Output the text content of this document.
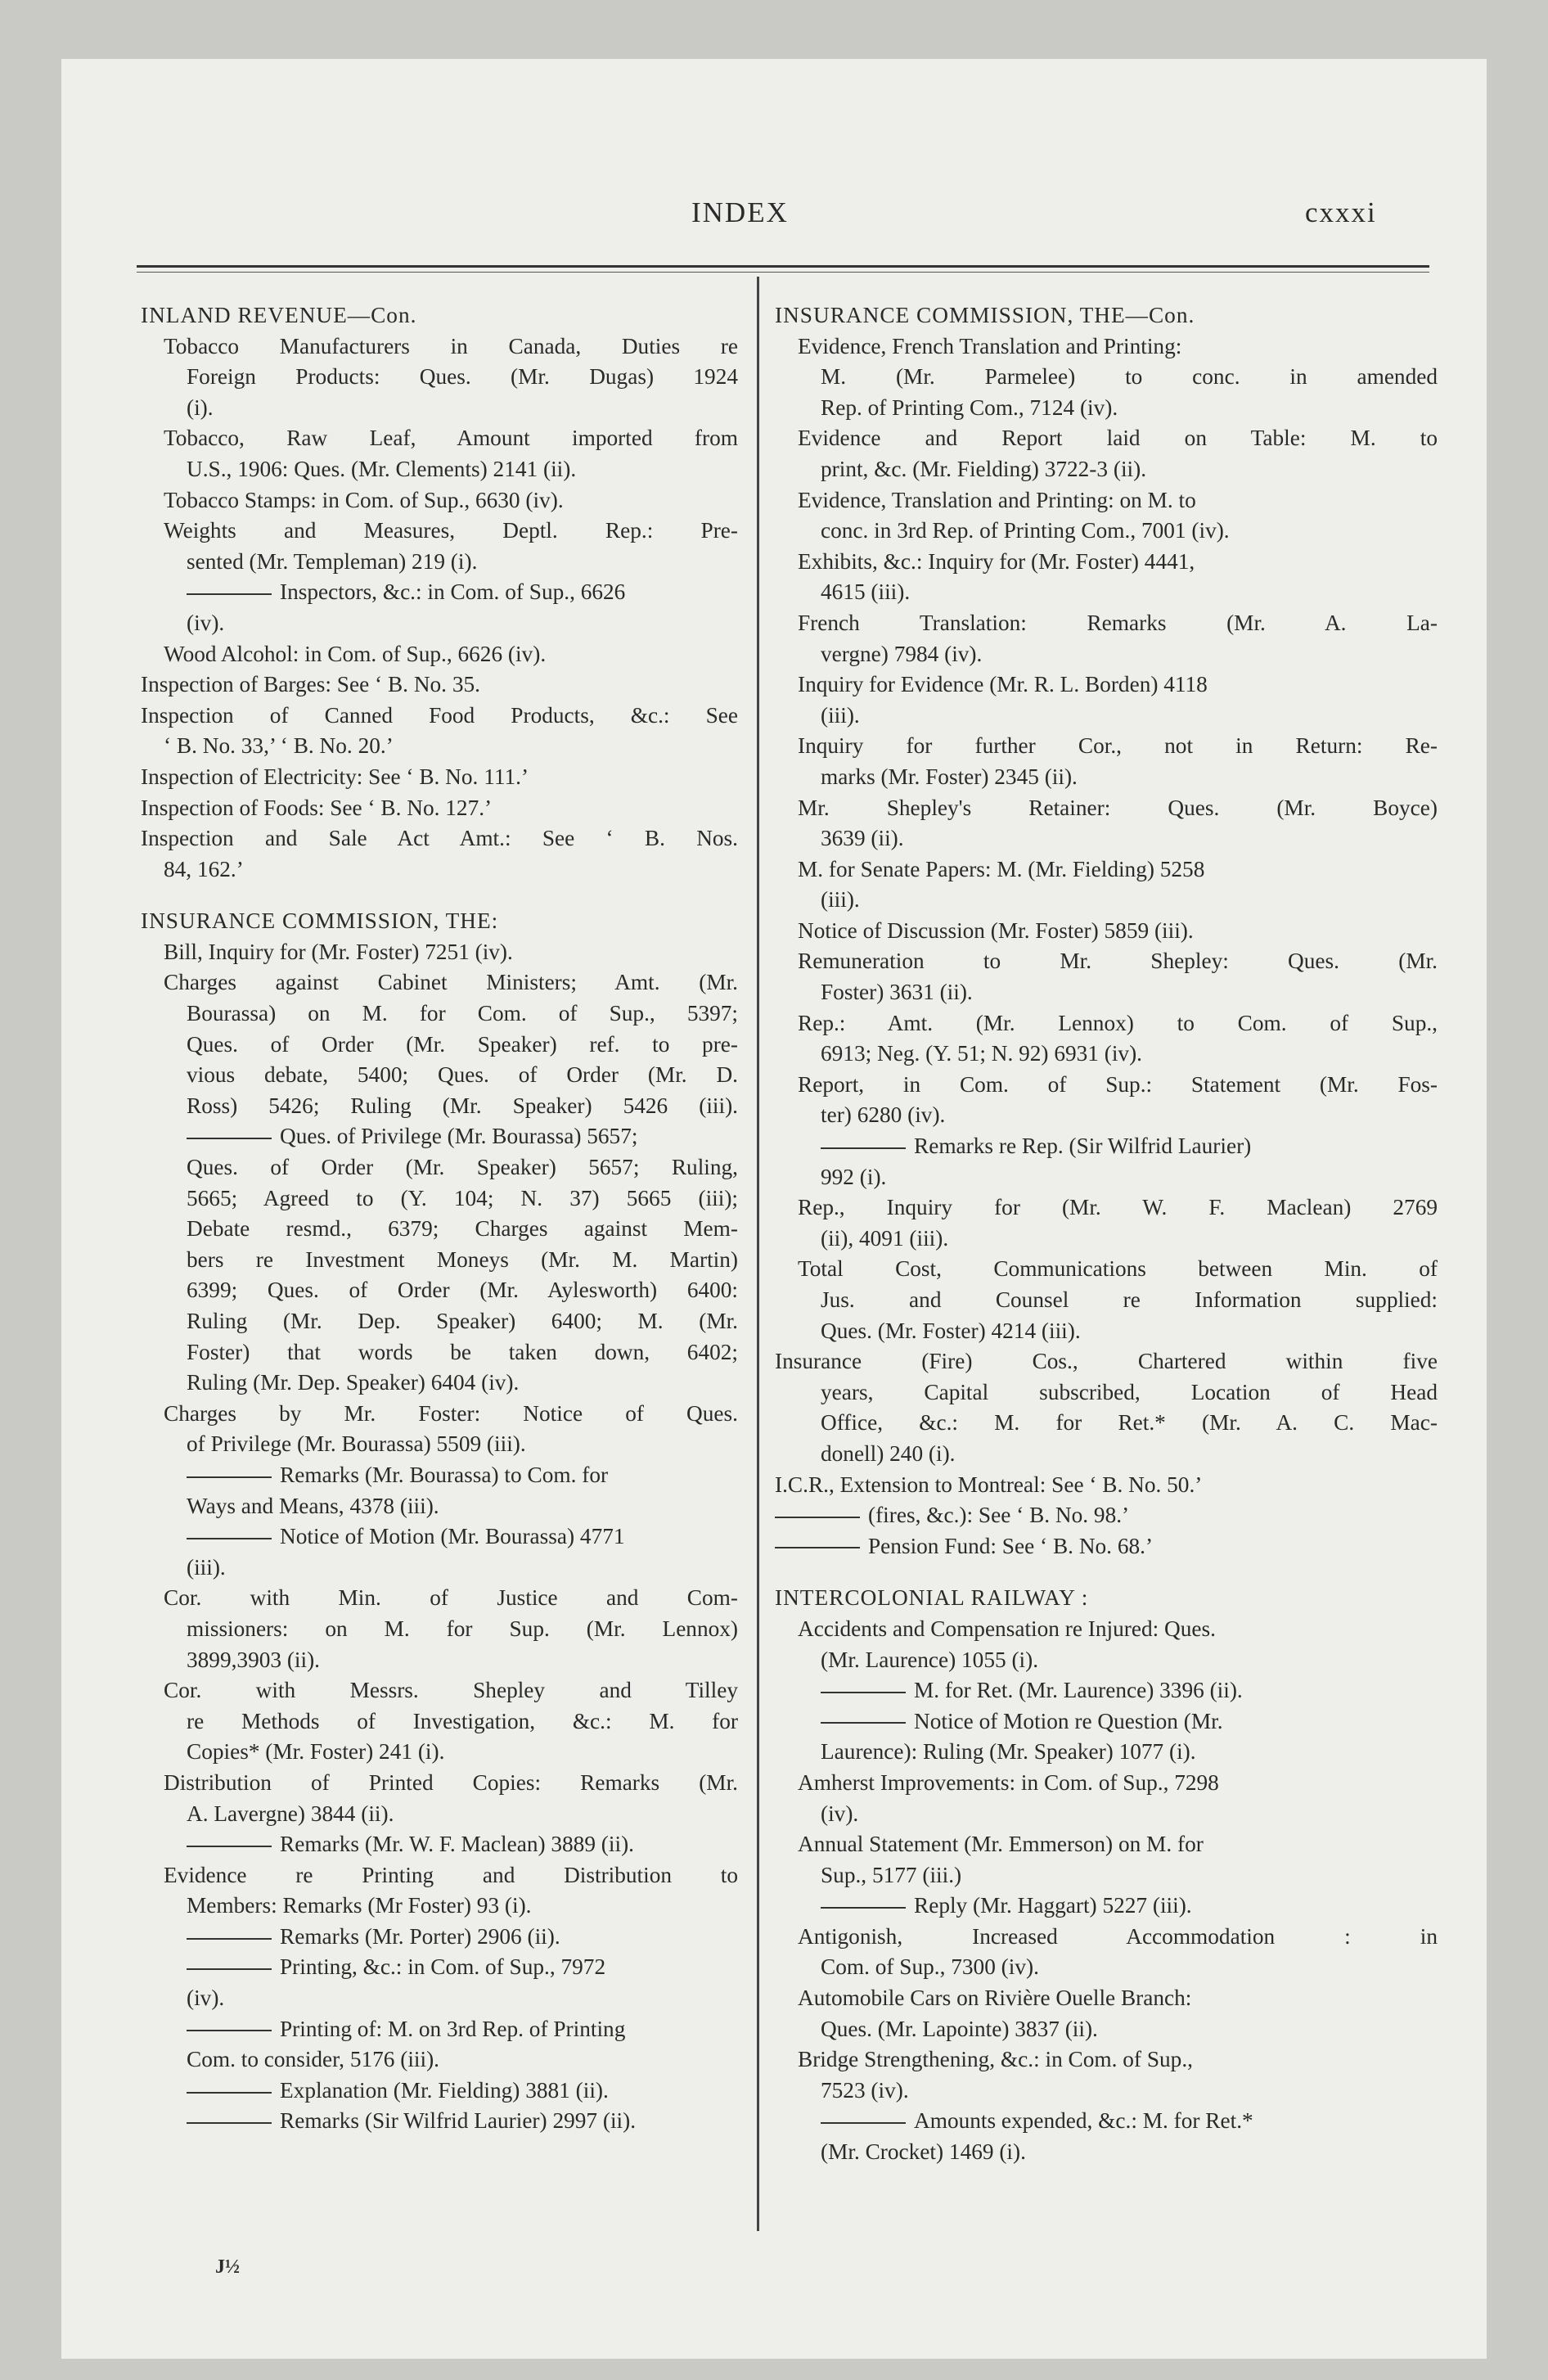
INDEX	cxxxi
INLAND REVENUE—Con.
Tobacco Manufacturers in Canada, Duties re
Foreign Products: Ques. (Mr. Dugas) 1924
(i).
Tobacco, Raw Leaf, Amount imported from
U.S., 1906: Ques. (Mr. Clements) 2141 (ii).
Tobacco Stamps: in Com. of Sup., 6630 (iv).
Weights and Measures, Deptl. Rep.: Pre-
sented (Mr. Templeman) 219 (i).
Inspectors, &c.: in Com. of Sup., 6626
(iv).
Wood Alcohol: in Com. of Sup., 6626 (iv).
Inspection of Barges: See ‘ B. No. 35.
Inspection of Canned Food Products, &c.: See
‘ B. No. 33,’ ‘ B. No. 20.’
Inspection of Electricity: See ‘ B. No. 111.’
Inspection of Foods: See ‘ B. No. 127.’
Inspection and Sale Act Amt.: See ‘ B. Nos.
84, 162.’
INSURANCE COMMISSION, THE:
Bill, Inquiry for (Mr. Foster) 7251 (iv).
Charges against Cabinet Ministers; Amt. (Mr.
Bourassa) on M. for Com. of Sup., 5397;
Ques. of Order (Mr. Speaker) ref. to pre-
vious debate, 5400; Ques. of Order (Mr. D.
Ross) 5426; Ruling (Mr. Speaker) 5426 (iii).
Ques. of Privilege (Mr. Bourassa) 5657;
Ques. of Order (Mr. Speaker) 5657; Ruling,
5665; Agreed to (Y. 104; N. 37) 5665 (iii);
Debate resmd., 6379; Charges against Mem-
bers re Investment Moneys (Mr. M. Martin)
6399; Ques. of Order (Mr. Aylesworth) 6400:
Ruling (Mr. Dep. Speaker) 6400; M. (Mr.
Foster) that words be taken down, 6402;
Ruling (Mr. Dep. Speaker) 6404 (iv).
Charges by Mr. Foster: Notice of Ques.
of Privilege (Mr. Bourassa) 5509 (iii).
Remarks (Mr. Bourassa) to Com. for
Ways and Means, 4378 (iii).
Notice of Motion (Mr. Bourassa) 4771
(iii).
Cor. with Min. of Justice and Com-
missioners: on M. for Sup. (Mr. Lennox)
3899,3903 (ii).
Cor. with Messrs. Shepley and Tilley
re Methods of Investigation, &c.: M. for
Copies* (Mr. Foster) 241 (i).
Distribution of Printed Copies: Remarks (Mr.
A. Lavergne) 3844 (ii).
Remarks (Mr. W. F. Maclean) 3889 (ii).
Evidence re Printing and Distribution to
Members: Remarks (Mr Foster) 93 (i).
Remarks (Mr. Porter) 2906 (ii).
Printing, &c.: in Com. of Sup., 7972
(iv).
Printing of: M. on 3rd Rep. of Printing
Com. to consider, 5176 (iii).
Explanation (Mr. Fielding) 3881 (ii).
Remarks (Sir Wilfrid Laurier) 2997 (ii).
INSURANCE COMMISSION, THE—Con.
Evidence, French Translation and Printing:
M. (Mr. Parmelee) to conc. in amended
Rep. of Printing Com., 7124 (iv).
Evidence and Report laid on Table: M. to
print, &c. (Mr. Fielding) 3722-3 (ii).
Evidence, Translation and Printing: on M. to
conc. in 3rd Rep. of Printing Com., 7001 (iv).
Exhibits, &c.: Inquiry for (Mr. Foster) 4441,
4615 (iii).
French Translation: Remarks (Mr. A. La-
vergne) 7984 (iv).
Inquiry for Evidence (Mr. R. L. Borden) 4118
(iii).
Inquiry for further Cor., not in Return: Re-
marks (Mr. Foster) 2345 (ii).
Mr. Shepley's Retainer: Ques. (Mr. Boyce)
3639 (ii).
M. for Senate Papers: M. (Mr. Fielding) 5258
(iii).
Notice of Discussion (Mr. Foster) 5859 (iii).
Remuneration to Mr. Shepley: Ques. (Mr.
Foster) 3631 (ii).
Rep.: Amt. (Mr. Lennox) to Com. of Sup.,
6913; Neg. (Y. 51; N. 92) 6931 (iv).
Report, in Com. of Sup.: Statement (Mr. Fos-
ter) 6280 (iv).
Remarks re Rep. (Sir Wilfrid Laurier)
992 (i).
Rep., Inquiry for (Mr. W. F. Maclean) 2769
(ii), 4091 (iii).
Total Cost, Communications between Min. of
Jus. and Counsel re Information supplied:
Ques. (Mr. Foster) 4214 (iii).
Insurance (Fire) Cos., Chartered within five
years, Capital subscribed, Location of Head
Office, &c.: M. for Ret.* (Mr. A. C. Mac-
donell) 240 (i).
I.C.R., Extension to Montreal: See ‘ B. No. 50.’
(fires, &c.): See ‘ B. No. 98.’
Pension Fund: See ‘ B. No. 68.’
INTERCOLONIAL RAILWAY :
Accidents and Compensation re Injured: Ques.
(Mr. Laurence) 1055 (i).
M. for Ret. (Mr. Laurence) 3396 (ii).
Notice of Motion re Question (Mr.
Laurence): Ruling (Mr. Speaker) 1077 (i).
Amherst Improvements: in Com. of Sup., 7298
(iv).
Annual Statement (Mr. Emmerson) on M. for
Sup., 5177 (iii.)
Reply (Mr. Haggart) 5227 (iii).
Antigonish, Increased Accommodation : in
Com. of Sup., 7300 (iv).
Automobile Cars on Rivière Ouelle Branch:
Ques. (Mr. Lapointe) 3837 (ii).
Bridge Strengthening, &c.: in Com. of Sup.,
7523 (iv).
Amounts expended, &c.: M. for Ret.*
(Mr. Crocket) 1469 (i).
J½
